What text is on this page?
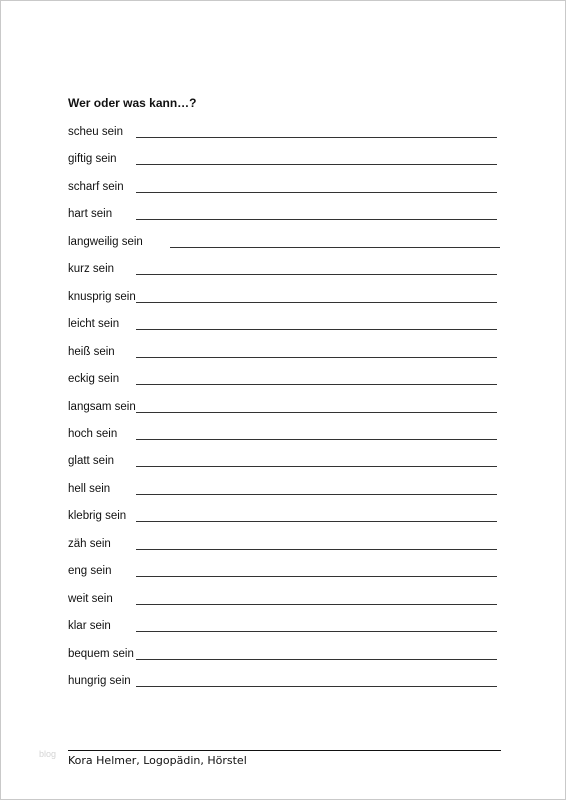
Wer oder was kann…?
scheu sein
giftig sein
scharf sein
hart sein
langweilig sein
kurz sein
knusprig sein
leicht sein
heiß sein
eckig sein
langsam sein
hoch sein
glatt sein
hell sein
klebrig sein
zäh sein
eng sein
weit sein
klar sein
bequem sein
hungrig sein
blog Kora Helmer, Logopädin, Hörstel
